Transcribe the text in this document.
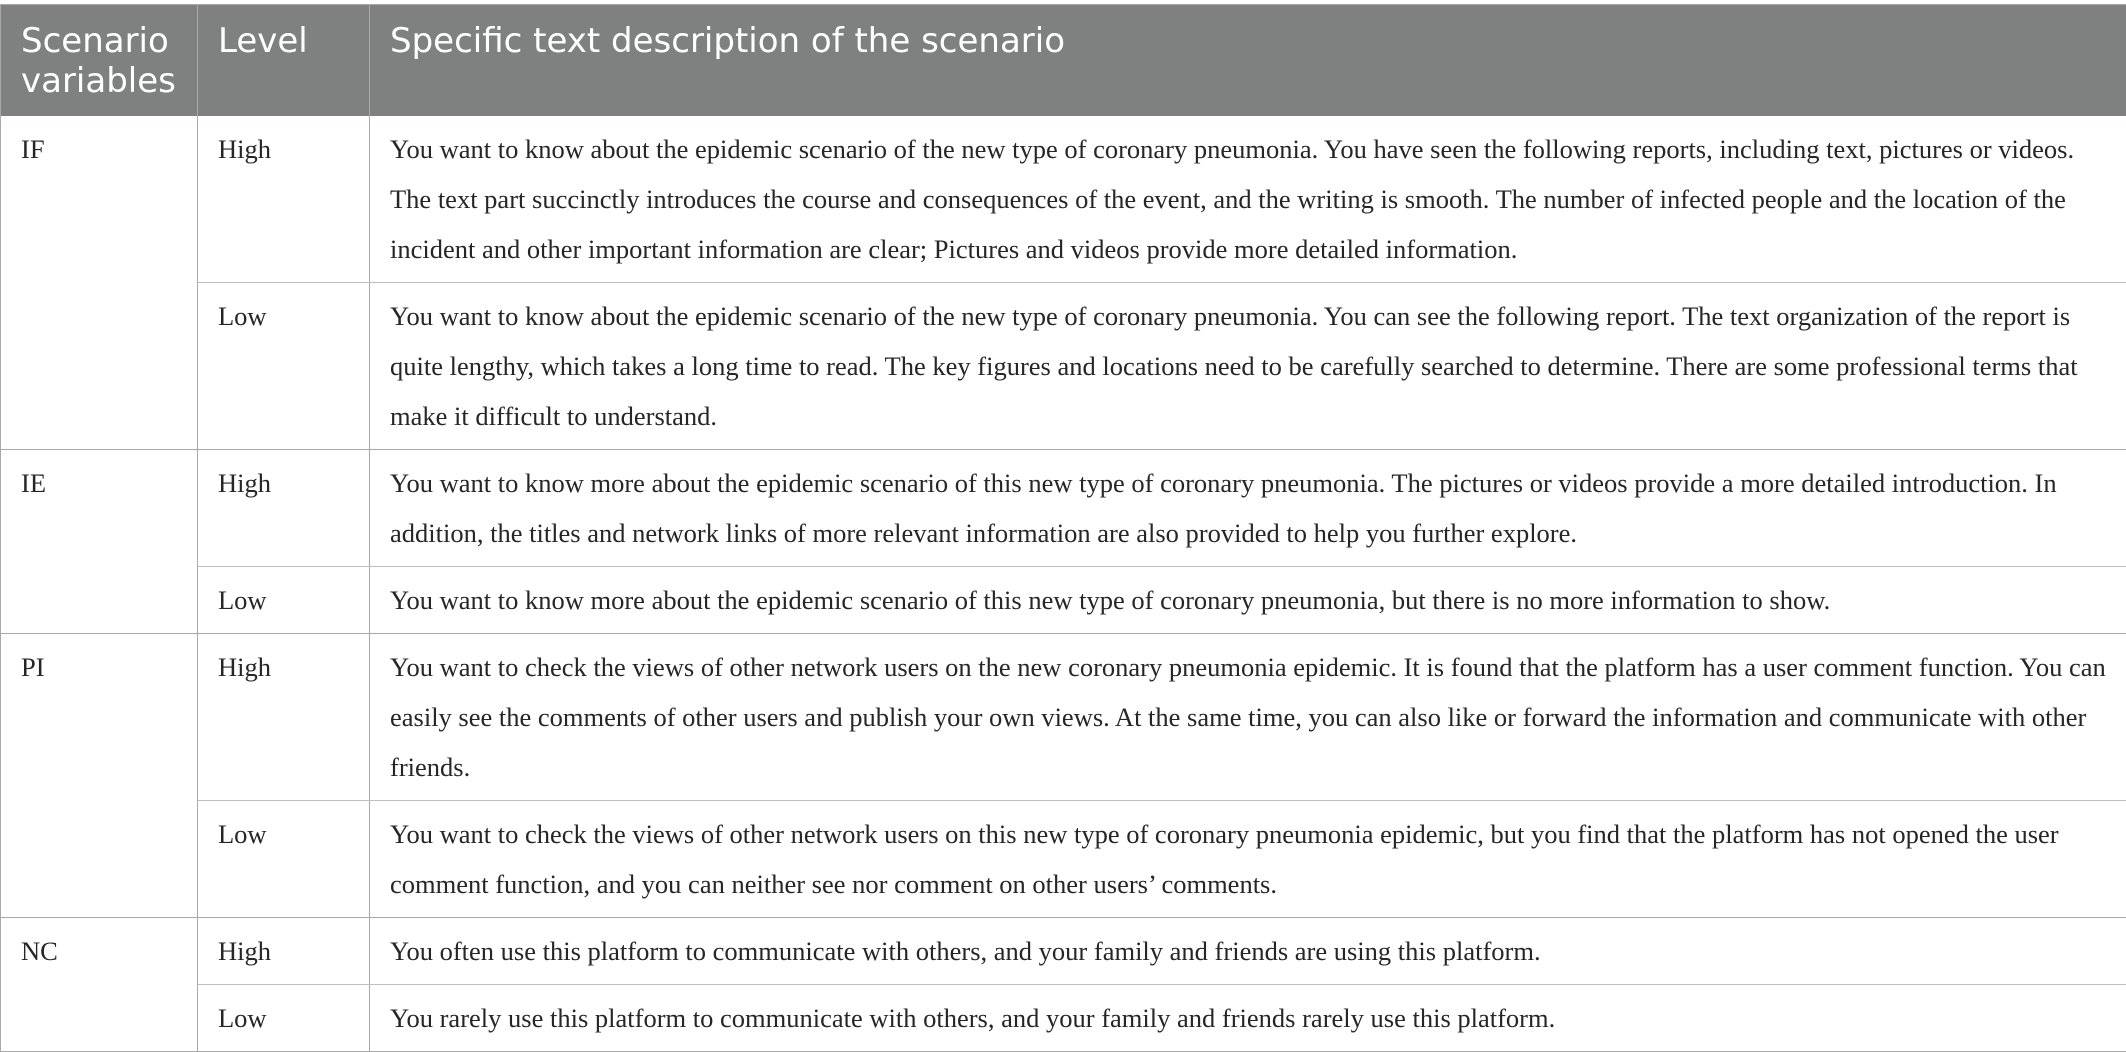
Scenario variables	Level	Specific text description of the scenario
IF	High	You want to know about the epidemic scenario of the new type of coronary pneumonia. You have seen the following reports, including text, pictures or videos. The text part succinctly introduces the course and consequences of the event, and the writing is smooth. The number of infected people and the location of the incident and other important information are clear; Pictures and videos provide more detailed information.
	Low	You want to know about the epidemic scenario of the new type of coronary pneumonia. You can see the following report. The text organization of the report is quite lengthy, which takes a long time to read. The key figures and locations need to be carefully searched to determine. There are some professional terms that make it difficult to understand.
IE	High	You want to know more about the epidemic scenario of this new type of coronary pneumonia. The pictures or videos provide a more detailed introduction. In addition, the titles and network links of more relevant information are also provided to help you further explore.
	Low	You want to know more about the epidemic scenario of this new type of coronary pneumonia, but there is no more information to show.
PI	High	You want to check the views of other network users on the new coronary pneumonia epidemic. It is found that the platform has a user comment function. You can easily see the comments of other users and publish your own views. At the same time, you can also like or forward the information and communicate with other friends.
	Low	You want to check the views of other network users on this new type of coronary pneumonia epidemic, but you find that the platform has not opened the user comment function, and you can neither see nor comment on other users’ comments.
NC	High	You often use this platform to communicate with others, and your family and friends are using this platform.
	Low	You rarely use this platform to communicate with others, and your family and friends rarely use this platform.
